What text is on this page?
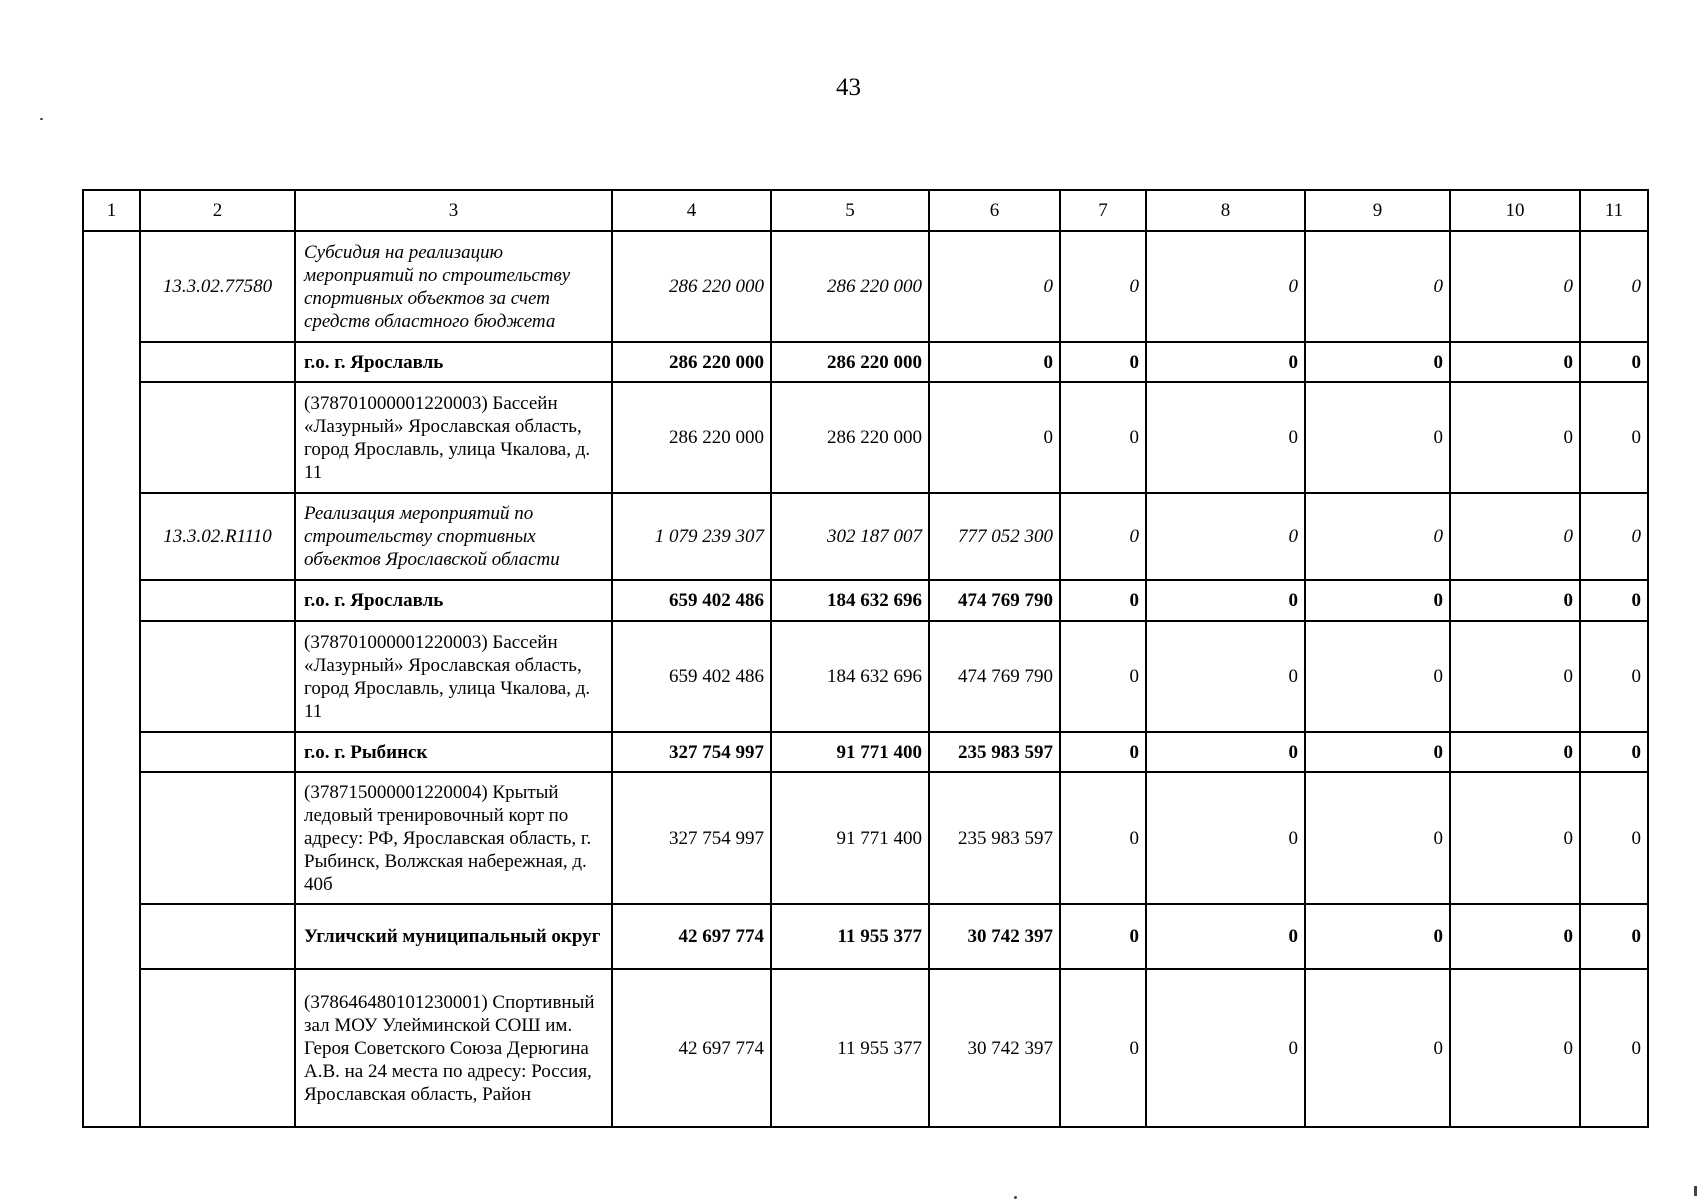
43
1	2	3	4	5	6	7	8	9	10	11
	13.3.02.77580	Субсидия на реализацию мероприятий по строительству спортивных объектов за счет средств областного бюджета	286 220 000	286 220 000	0	0	0	0	0	0
		г.о. г. Ярославль	286 220 000	286 220 000	0	0	0	0	0	0
		(378701000001220003) Бассейн «Лазурный» Ярославская область, город Ярославль, улица Чкалова, д. 11	286 220 000	286 220 000	0	0	0	0	0	0
	13.3.02.R1110	Реализация мероприятий по строительству спортивных объектов Ярославской области	1 079 239 307	302 187 007	777 052 300	0	0	0	0	0
		г.о. г. Ярославль	659 402 486	184 632 696	474 769 790	0	0	0	0	0
		(378701000001220003) Бассейн «Лазурный» Ярославская область, город Ярославль, улица Чкалова, д. 11	659 402 486	184 632 696	474 769 790	0	0	0	0	0
		г.о. г. Рыбинск	327 754 997	91 771 400	235 983 597	0	0	0	0	0
		(378715000001220004) Крытый ледовый тренировочный корт по адресу: РФ, Ярославская область, г. Рыбинск, Волжская набережная, д. 40б	327 754 997	91 771 400	235 983 597	0	0	0	0	0
		Угличский муниципальный округ	42 697 774	11 955 377	30 742 397	0	0	0	0	0
		(378646480101230001) Спортивный зал МОУ Улейминской СОШ им. Героя Советского Союза Дерюгина А.В. на 24 места по адресу: Россия, Ярославская область, Район	42 697 774	11 955 377	30 742 397	0	0	0	0	0
